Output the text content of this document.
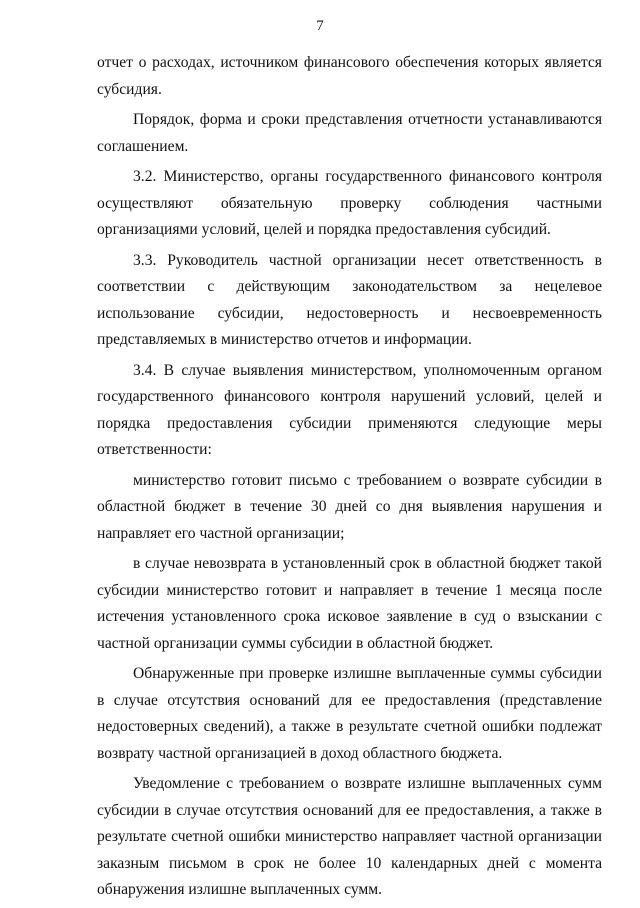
7

отчет о расходах, источником финансового обеспечения которых является субсидия.

Порядок, форма и сроки представления отчетности устанавливаются соглашением.

3.2. Министерство, органы государственного финансового контроля осуществляют обязательную проверку соблюдения частными организациями условий, целей и порядка предоставления субсидий.

3.3. Руководитель частной организации несет ответственность в соответствии с действующим законодательством за нецелевое использование субсидии, недостоверность и несвоевременность представляемых в министерство отчетов и информации.

3.4. В случае выявления министерством, уполномоченным органом государственного финансового контроля нарушений условий, целей и порядка предоставления субсидии применяются следующие меры ответственности:

министерство готовит письмо с требованием о возврате субсидии в областной бюджет в течение 30 дней со дня выявления нарушения и направляет его частной организации;

в случае невозврата в установленный срок в областной бюджет такой субсидии министерство готовит и направляет в течение 1 месяца после истечения установленного срока исковое заявление в суд о взыскании с частной организации суммы субсидии в областной бюджет.

Обнаруженные при проверке излишне выплаченные суммы субсидии в случае отсутствия оснований для ее предоставления (представление недостоверных сведений), а также в результате счетной ошибки подлежат возврату частной организацией в доход областного бюджета.

Уведомление с требованием о возврате излишне выплаченных сумм субсидии в случае отсутствия оснований для ее предоставления, а также в результате счетной ошибки министерство направляет частной организации заказным письмом в срок не более 10 календарных дней с момента обнаружения излишне выплаченных сумм.
